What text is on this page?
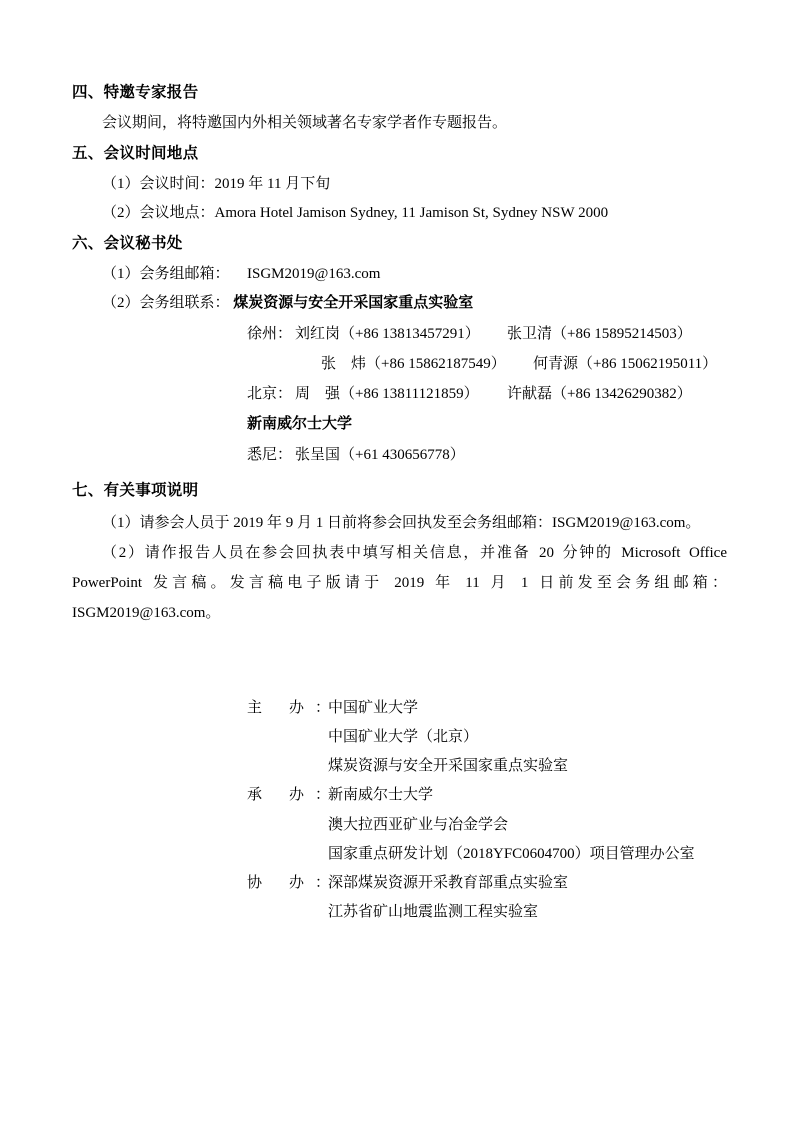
四、特邀专家报告
会议期间，将特邀国内外相关领域著名专家学者作专题报告。
五、会议时间地点
（1）会议时间：2019 年 11 月下旬
（2）会议地点：Amora Hotel Jamison Sydney, 11 Jamison St, Sydney NSW 2000
六、会议秘书处
（1）会务组邮箱： ISGM2019@163.com
（2）会务组联系： 煤炭资源与安全开采国家重点实验室
徐州： 刘红岗（+86 13813457291）	张卫清（+86 15895214503）
张　炜（+86 15862187549）	何青源（+86 15062195011）
北京： 周　强（+86 13811121859）	许献磊（+86 13426290382）
新南威尔士大学
悉尼： 张呈国（+61 430656778）
七、有关事项说明
（1）请参会人员于 2019 年 9 月 1 日前将参会回执发至会务组邮箱：ISGM2019@163.com。
（2）请作报告人员在参会回执表中填写相关信息，并准备 20 分钟的 Microsoft Office PowerPoint 发言稿。发言稿电子版请于 2019 年 11 月 1 日前发至会务组邮箱：ISGM2019@163.com。
主　办 ：
中国矿业大学
中国矿业大学（北京）
煤炭资源与安全开采国家重点实验室
承　办 ：
新南威尔士大学
澳大拉西亚矿业与冶金学会
国家重点研发计划（2018YFC0604700）项目管理办公室
协　办 ：
深部煤炭资源开采教育部重点实验室
江苏省矿山地震监测工程实验室
